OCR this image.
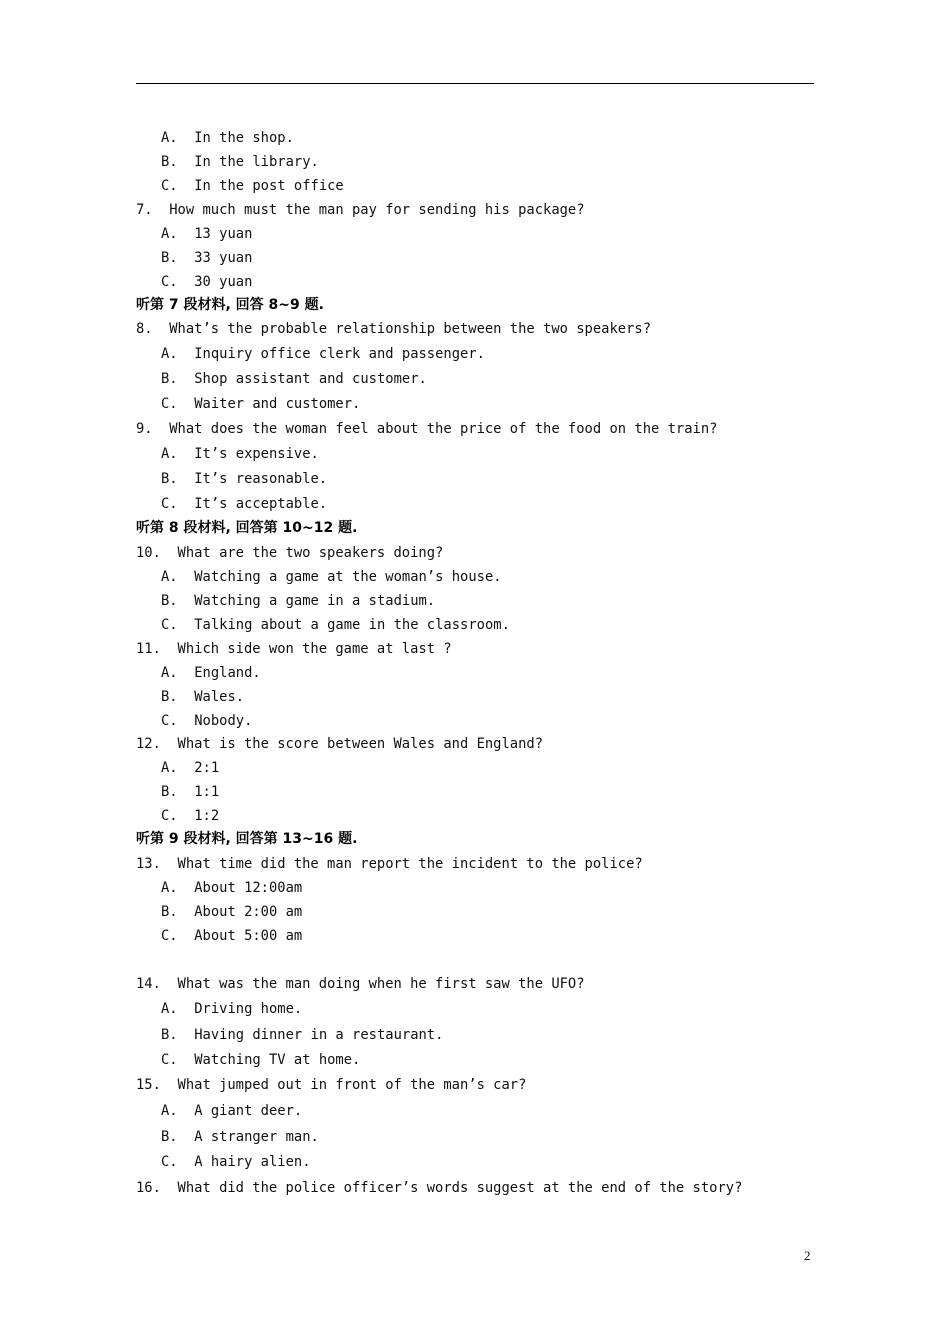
A.  In the shop.
B.  In the library.
C.  In the post office
7.  How much must the man pay for sending his package?
A.  13 yuan
B.  33 yuan
C.  30 yuan
听第 7 段材料, 回答 8~9 题.
8.  What’s the probable relationship between the two speakers?
A.  Inquiry office clerk and passenger.
B.  Shop assistant and customer.
C.  Waiter and customer.
9.  What does the woman feel about the price of the food on the train?
A.  It’s expensive.
B.  It’s reasonable.
C.  It’s acceptable.
听第 8 段材料, 回答第 10~12 题.
10.  What are the two speakers doing?
A.  Watching a game at the woman’s house.
B.  Watching a game in a stadium.
C.  Talking about a game in the classroom.
11.  Which side won the game at last ?
A.  England.
B.  Wales.
C.  Nobody.
12.  What is the score between Wales and England?
A.  2:1
B.  1:1
C.  1:2
听第 9 段材料, 回答第 13~16 题.
13.  What time did the man report the incident to the police?
A.  About 12:00am
B.  About 2:00 am
C.  About 5:00 am
14.  What was the man doing when he first saw the UFO?
A.  Driving home.
B.  Having dinner in a restaurant.
C.  Watching TV at home.
15.  What jumped out in front of the man’s car?
A.  A giant deer.
B.  A stranger man.
C.  A hairy alien.
16.  What did the police officer’s words suggest at the end of the story?
2
